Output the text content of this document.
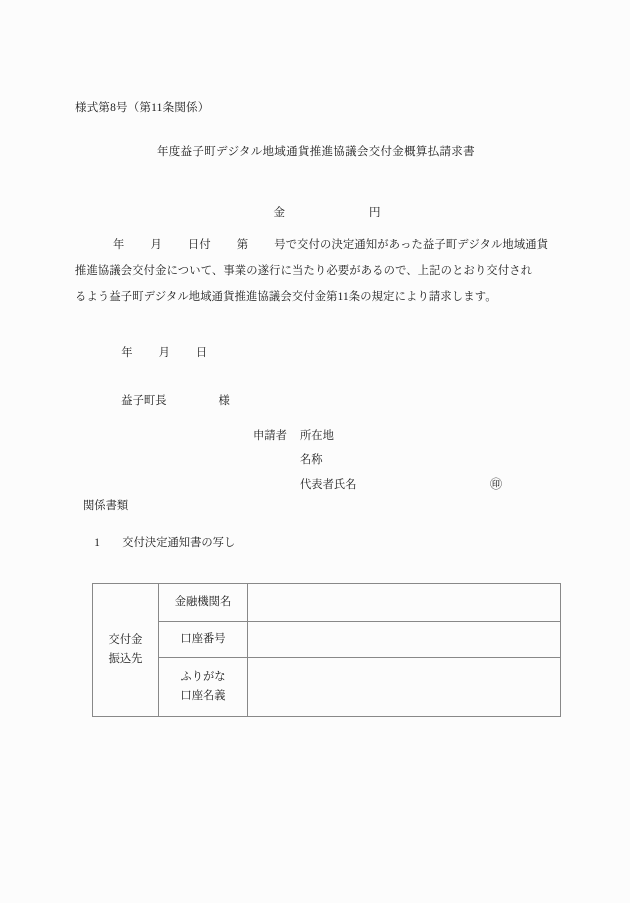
様式第8号（第11条関係）
年度益子町デジタル地域通貨推進協議会交付金概算払請求書

金	円

年 月 日付 第 号で交付の決定通知があった益子町デジタル地域通貨
推進協議会交付金について、事業の遂行に当たり必要があるので、上記のとおり交付され
るよう益子町デジタル地域通貨推進協議会交付金第11条の規定により請求します。

年 月 日

益子町長	様

申請者	所在地
名称
代表者氏名	㊞
関係書類

1 交付決定通知書の写し

交付金
振込先	金融機関名	
	口座番号	

	ふりがな
口座名義	
